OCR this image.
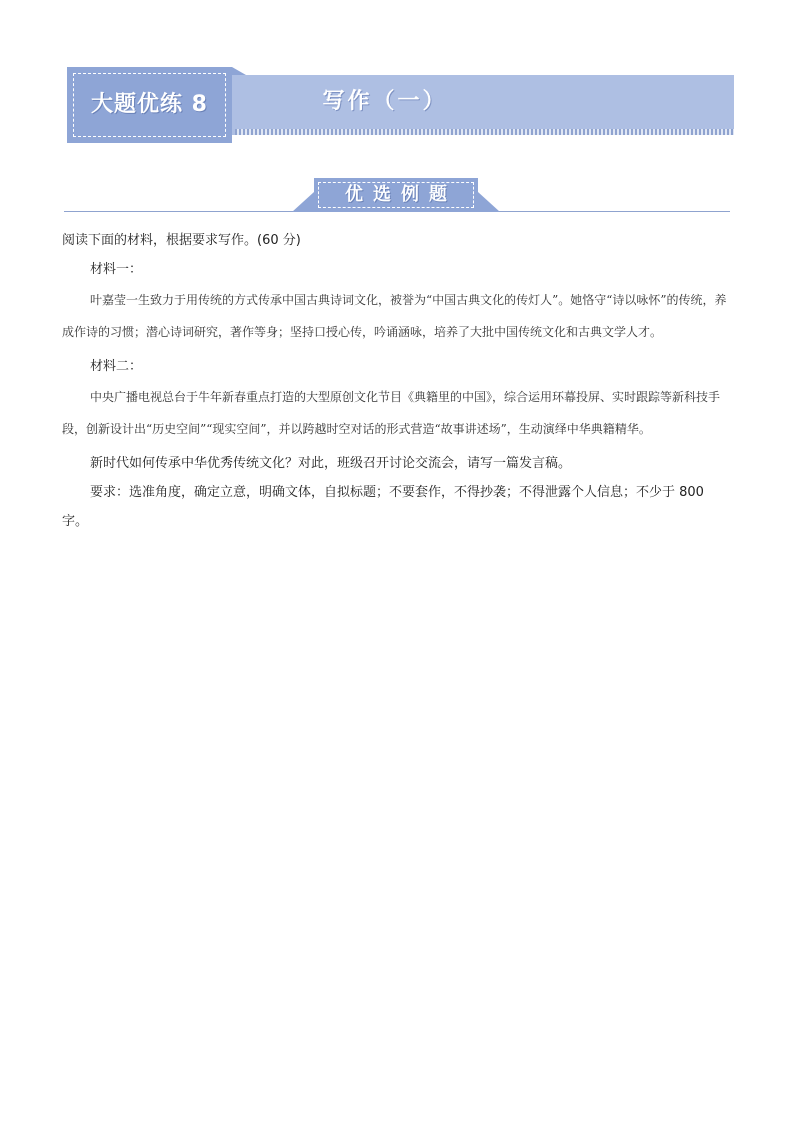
大题优练 8	写作（一）
优选例题

阅读下面的材料，根据要求写作。(60 分)

材料一：

叶嘉莹一生致力于用传统的方式传承中国古典诗词文化，被誉为“中国古典文化的传灯人”。她恪守“诗以咏怀”的传统，养成作诗的习惯；潜心诗词研究，著作等身；坚持口授心传，吟诵涵咏，培养了大批中国传统文化和古典文学人才。

材料二：

中央广播电视总台于牛年新春重点打造的大型原创文化节目《典籍里的中国》，综合运用环幕投屏、实时跟踪等新科技手段，创新设计出“历史空间”“现实空间”，并以跨越时空对话的形式营造“故事讲述场”，生动演绎中华典籍精华。

新时代如何传承中华优秀传统文化？对此，班级召开讨论交流会，请写一篇发言稿。

要求：选准角度，确定立意，明确文体，自拟标题；不要套作，不得抄袭；不得泄露个人信息；不少于 800 字。
